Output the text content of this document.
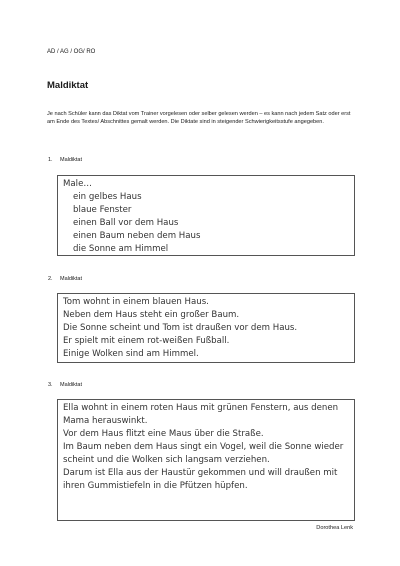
AD / AG / OG/ RO
Maldiktat

Je nach Schüler kann das Diktat vom Trainer vorgelesen oder selber gelesen werden – es kann nach jedem Satz oder erst am Ende des Textes/ Abschnittes gemalt werden. Die Diktate sind in steigender Schwierigkeitsstufe angegeben.

1. Maldiktat
Male…
ein gelbes Haus
blaue Fenster
einen Ball vor dem Haus
einen Baum neben dem Haus
die Sonne am Himmel
2. Maldiktat
Tom wohnt in einem blauen Haus.
Neben dem Haus steht ein großer Baum.
Die Sonne scheint und Tom ist draußen vor dem Haus.
Er spielt mit einem rot-weißen Fußball.
Einige Wolken sind am Himmel.
3. Maldiktat
Ella wohnt in einem roten Haus mit grünen Fenstern, aus denen Mama herauswinkt.
Vor dem Haus flitzt eine Maus über die Straße.
Im Baum neben dem Haus singt ein Vogel, weil die Sonne wieder scheint und die Wolken sich langsam verziehen.
Darum ist Ella aus der Haustür gekommen und will draußen mit ihren Gummistiefeln in die Pfützen hüpfen.
Dorothea Lenk
